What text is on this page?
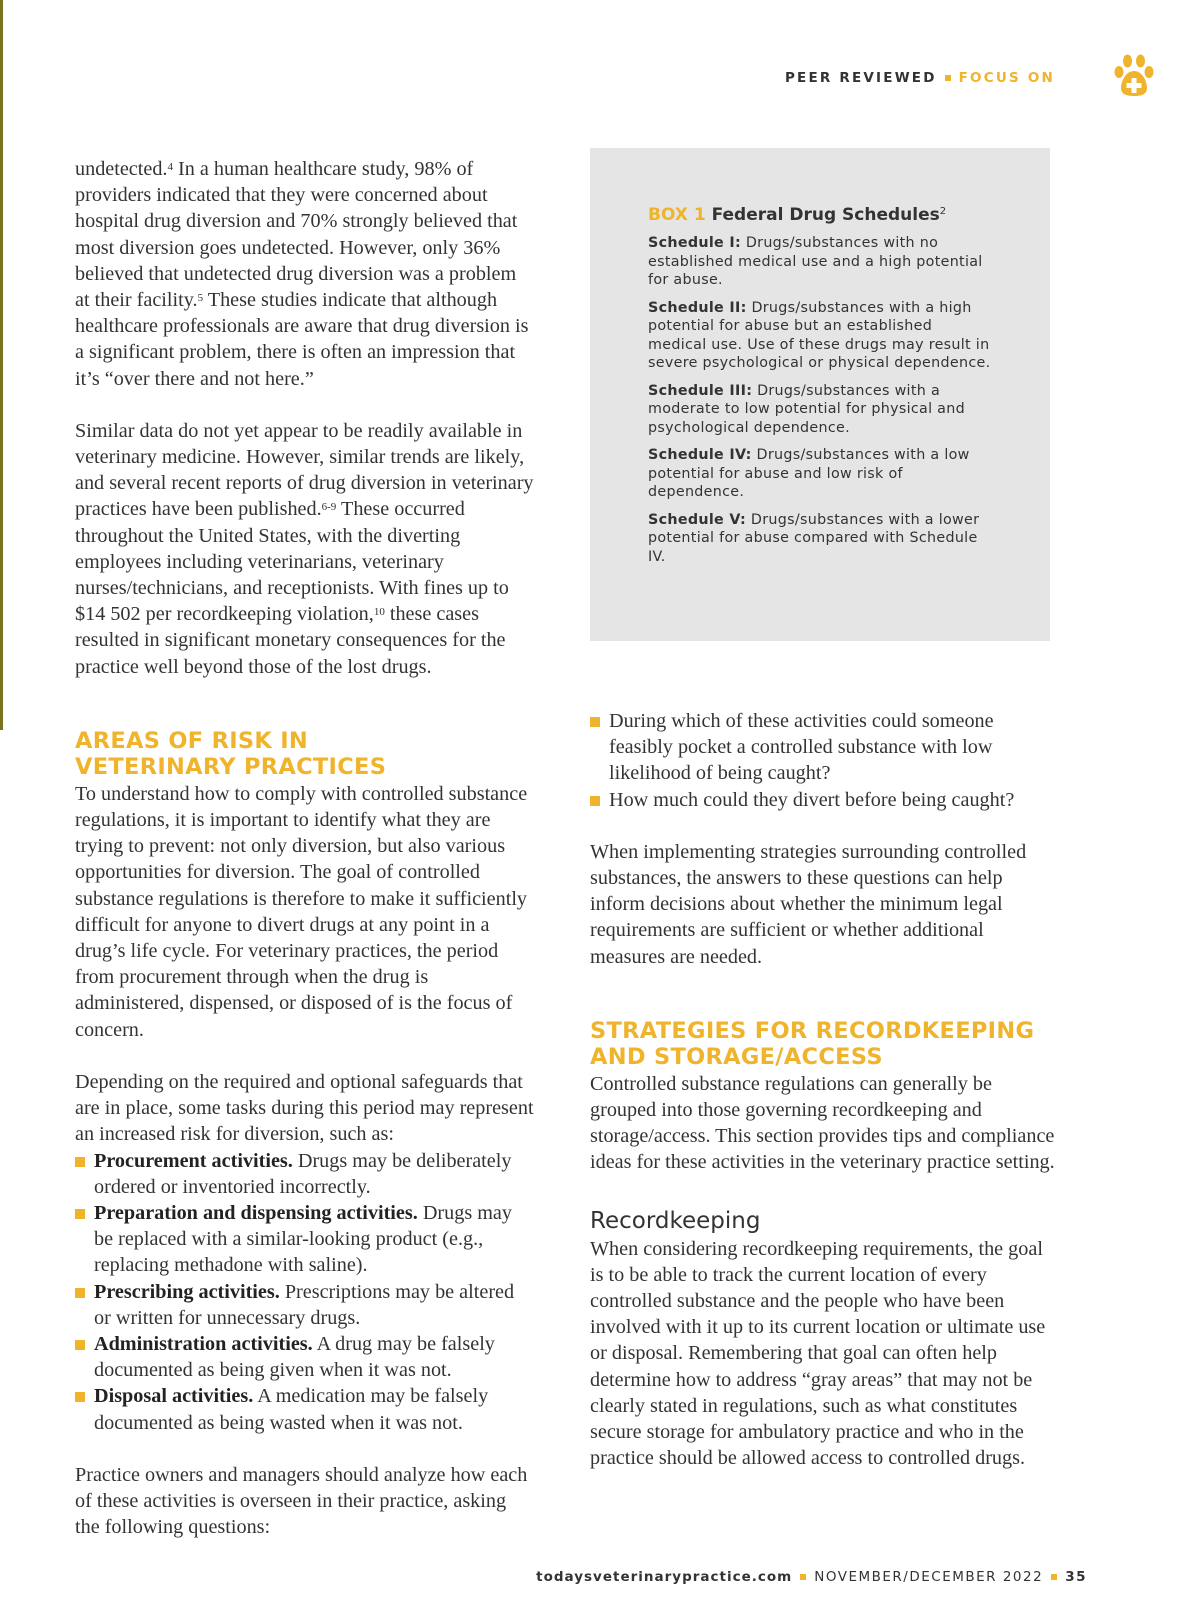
PEER REVIEWED FOCUS ON

undetected.$^4$ In a human healthcare study, 98% of providers indicated that they were concerned about hospital drug diversion and 70% strongly believed that most diversion goes undetected. However, only 36% believed that undetected drug diversion was a problem at their facility.$^5$ These studies indicate that although healthcare professionals are aware that drug diversion is a significant problem, there is often an impression that it’s “over there and not here.”

Similar data do not yet appear to be readily available in veterinary medicine. However, similar trends are likely, and several recent reports of drug diversion in veterinary practices have been published.$^{6-9}$ These occurred throughout the United States, with the diverting employees including veterinarians, veterinary nurses/technicians, and receptionists. With fines up to $14 502 per recordkeeping violation,$^{10}$ these cases resulted in significant monetary consequences for the practice well beyond those of the lost drugs.

AREAS OF RISK IN
VETERINARY PRACTICES

To understand how to comply with controlled substance regulations, it is important to identify what they are trying to prevent: not only diversion, but also various opportunities for diversion. The goal of controlled substance regulations is therefore to make it sufficiently difficult for anyone to divert drugs at any point in a drug’s life cycle. For veterinary practices, the period from procurement through when the drug is administered, dispensed, or disposed of is the focus of concern.

Depending on the required and optional safeguards that are in place, some tasks during this period may represent an increased risk for diversion, such as:

Procurement activities. Drugs may be deliberately ordered or inventoried incorrectly.
Preparation and dispensing activities. Drugs may be replaced with a similar-looking product (e.g., replacing methadone with saline).
Prescribing activities. Prescriptions may be altered or written for unnecessary drugs.
Administration activities. A drug may be falsely documented as being given when it was not.
Disposal activities. A medication may be falsely documented as being wasted when it was not.

Practice owners and managers should analyze how each of these activities is overseen in their practice, asking the following questions:

BOX 1 Federal Drug Schedules$^2$
Schedule I: Drugs/substances with no established medical use and a high potential for abuse.
Schedule II: Drugs/substances with a high potential for abuse but an established medical use. Use of these drugs may result in severe psychological or physical dependence.
Schedule III: Drugs/substances with a moderate to low potential for physical and psychological dependence.
Schedule IV: Drugs/substances with a low potential for abuse and low risk of dependence.
Schedule V: Drugs/substances with a lower potential for abuse compared with Schedule IV.
During which of these activities could someone feasibly pocket a controlled substance with low likelihood of being caught?
How much could they divert before being caught?

When implementing strategies surrounding controlled substances, the answers to these questions can help inform decisions about whether the minimum legal requirements are sufficient or whether additional measures are needed.

STRATEGIES FOR RECORDKEEPING
AND STORAGE/ACCESS

Controlled substance regulations can generally be grouped into those governing recordkeeping and storage/access. This section provides tips and compliance ideas for these activities in the veterinary practice setting.

Recordkeeping

When considering recordkeeping requirements, the goal is to be able to track the current location of every controlled substance and the people who have been involved with it up to its current location or ultimate use or disposal. Remembering that goal can often help determine how to address “gray areas” that may not be clearly stated in regulations, such as what constitutes secure storage for ambulatory practice and who in the practice should be allowed access to controlled drugs.

todaysveterinarypractice.com NOVEMBER/DECEMBER 2022 35
